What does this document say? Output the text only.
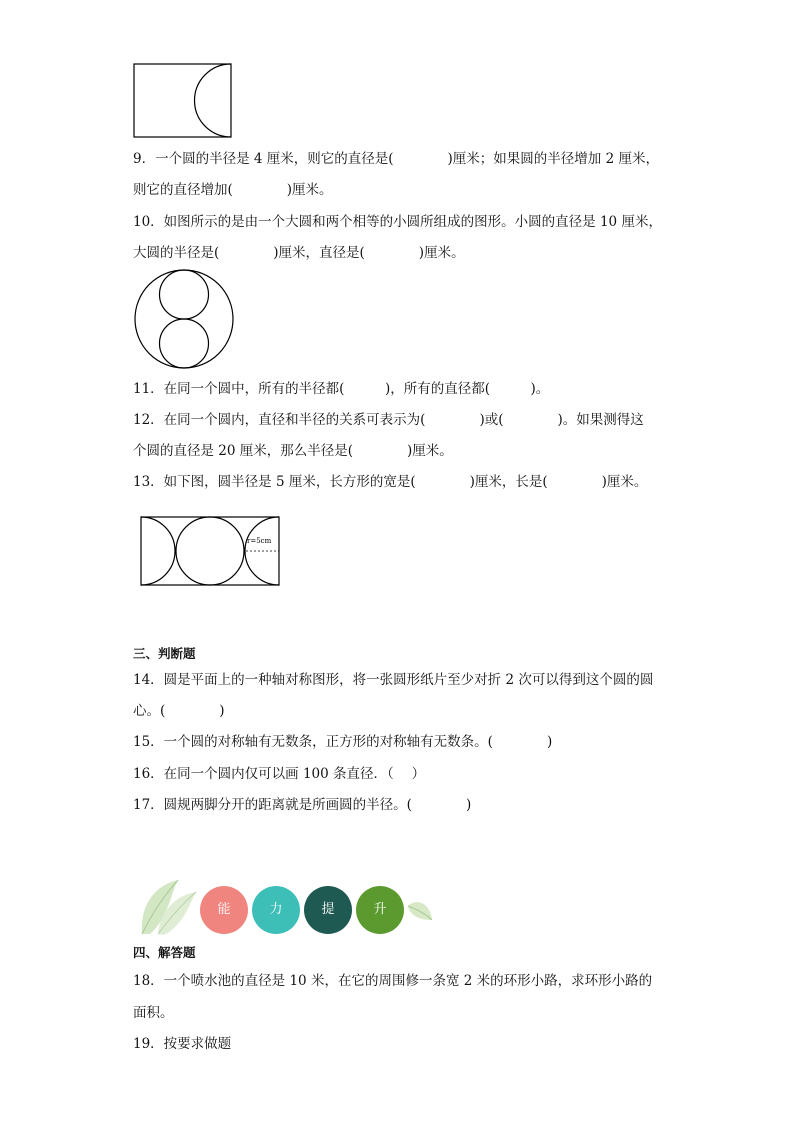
9．一个圆的半径是 4 厘米，则它的直径是(　　　　)厘米；如果圆的半径增加 2 厘米，
则它的直径增加(　　　　)厘米。
10．如图所示的是由一个大圆和两个相等的小圆所组成的图形。小圆的直径是 10 厘米，
大圆的半径是(　　　　)厘米，直径是(　　　　)厘米。
11．在同一个圆中，所有的半径都(　　　)，所有的直径都(　　　)。
12．在同一个圆内，直径和半径的关系可表示为(　　　　)或(　　　　)。如果测得这
个圆的直径是 20 厘米，那么半径是(　　　　)厘米。
13．如下图，圆半径是 5 厘米，长方形的宽是(　　　　)厘米，长是(　　　　)厘米。
r=5cm
三、判断题
14．圆是平面上的一种轴对称图形，将一张圆形纸片至少对折 2 次可以得到这个圆的圆
心。(　　　　)
15．一个圆的对称轴有无数条，正方形的对称轴有无数条。(　　　　)
16．在同一个圆内仅可以画 100 条直径．（　 ）
17．圆规两脚分开的距离就是所画圆的半径。(　　　　)
能	力	提	升
四、解答题
18．一个喷水池的直径是 10 米，在它的周围修一条宽 2 米的环形小路，求环形小路的
面积。
19．按要求做题
